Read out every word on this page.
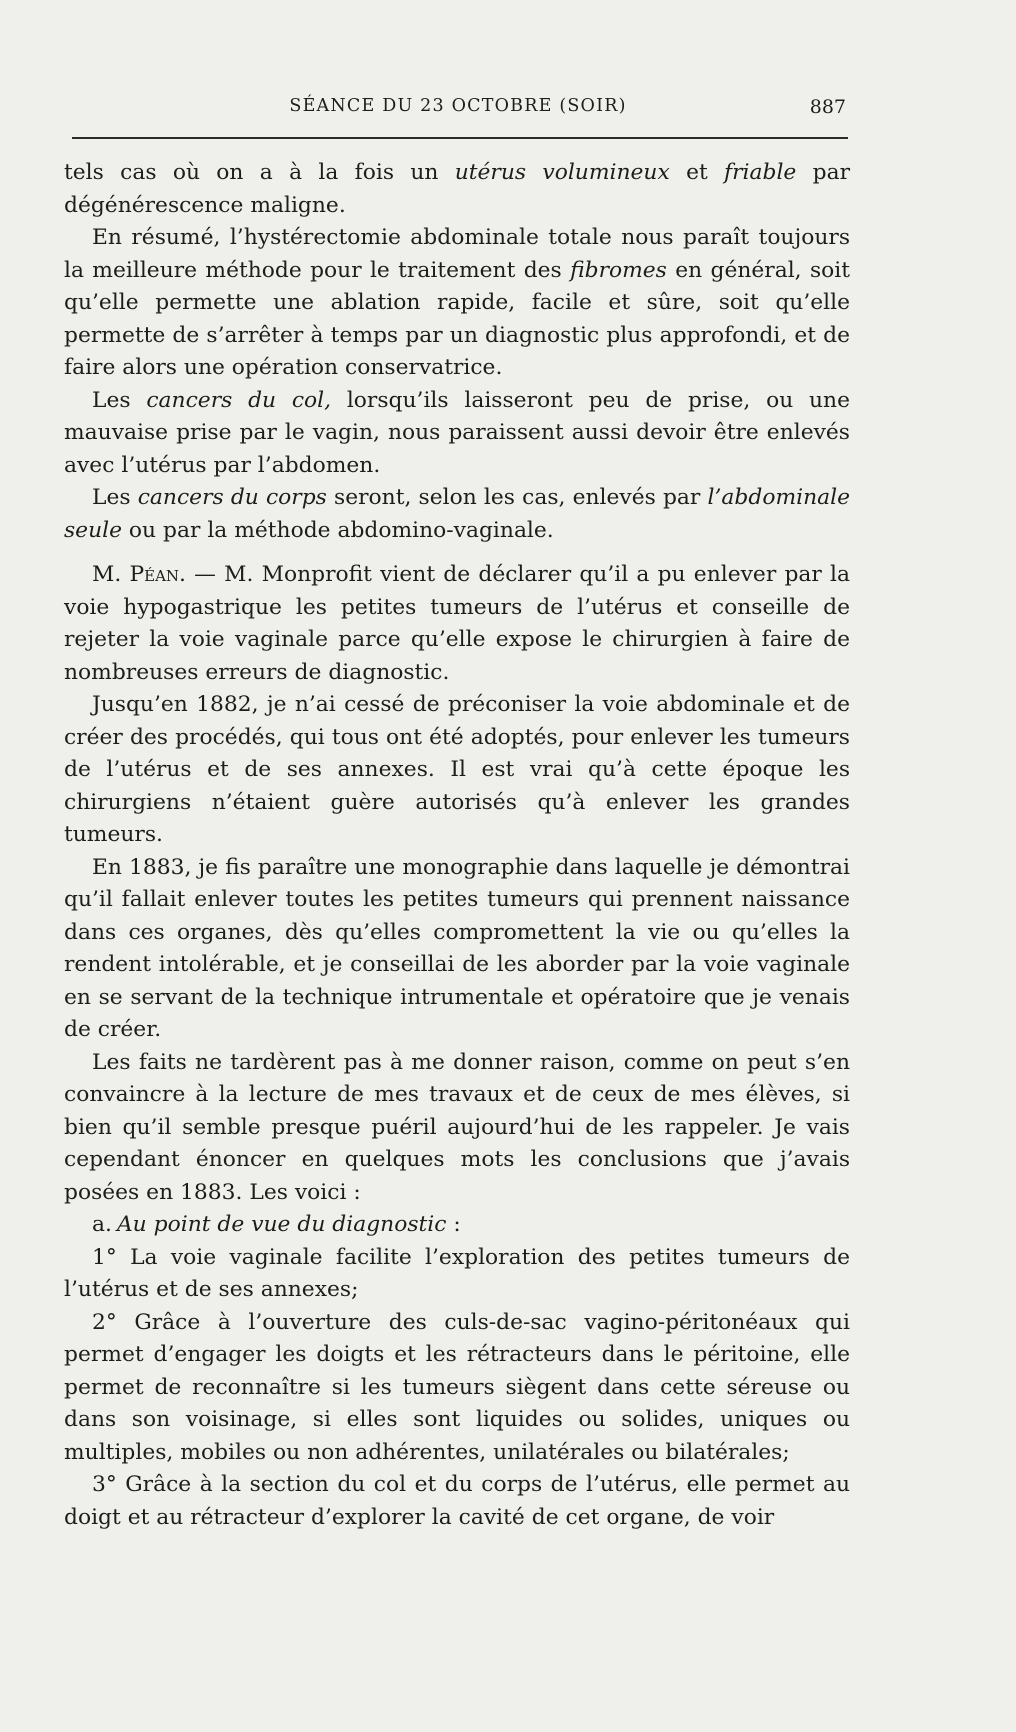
SÉANCE DU 23 OCTOBRE (SOIR)	887

tels cas où on a à la fois un utérus volumineux et friable par dégénérescence maligne.

En résumé, l’hystérectomie abdominale totale nous paraît toujours la meilleure méthode pour le traitement des fibromes en général, soit qu’elle permette une ablation rapide, facile et sûre, soit qu’elle permette de s’arrêter à temps par un diagnostic plus approfondi, et de faire alors une opération conservatrice.

Les cancers du col, lorsqu’ils laisseront peu de prise, ou une mauvaise prise par le vagin, nous paraissent aussi devoir être enlevés avec l’utérus par l’abdomen.

Les cancers du corps seront, selon les cas, enlevés par l’abdominale seule ou par la méthode abdomino-vaginale.

M. Péan. — M. Monprofit vient de déclarer qu’il a pu enlever par la voie hypogastrique les petites tumeurs de l’utérus et conseille de rejeter la voie vaginale parce qu’elle expose le chirurgien à faire de nombreuses erreurs de diagnostic.

Jusqu’en 1882, je n’ai cessé de préconiser la voie abdominale et de créer des procédés, qui tous ont été adoptés, pour enlever les tumeurs de l’utérus et de ses annexes. Il est vrai qu’à cette époque les chirurgiens n’étaient guère autorisés qu’à enlever les grandes tumeurs.

En 1883, je fis paraître une monographie dans laquelle je démontrai qu’il fallait enlever toutes les petites tumeurs qui prennent naissance dans ces organes, dès qu’elles compromettent la vie ou qu’elles la rendent intolérable, et je conseillai de les aborder par la voie vaginale en se servant de la technique intrumentale et opératoire que je venais de créer.

Les faits ne tardèrent pas à me donner raison, comme on peut s’en convaincre à la lecture de mes travaux et de ceux de mes élèves, si bien qu’il semble presque puéril aujourd’hui de les rappeler. Je vais cependant énoncer en quelques mots les conclusions que j’avais posées en 1883. Les voici :

a. Au point de vue du diagnostic :

1° La voie vaginale facilite l’exploration des petites tumeurs de l’utérus et de ses annexes;

2° Grâce à l’ouverture des culs-de-sac vagino-péritonéaux qui permet d’engager les doigts et les rétracteurs dans le péritoine, elle permet de reconnaître si les tumeurs siègent dans cette séreuse ou dans son voisinage, si elles sont liquides ou solides, uniques ou multiples, mobiles ou non adhérentes, unilatérales ou bilatérales;

3° Grâce à la section du col et du corps de l’utérus, elle permet au doigt et au rétracteur d’explorer la cavité de cet organe, de voir
